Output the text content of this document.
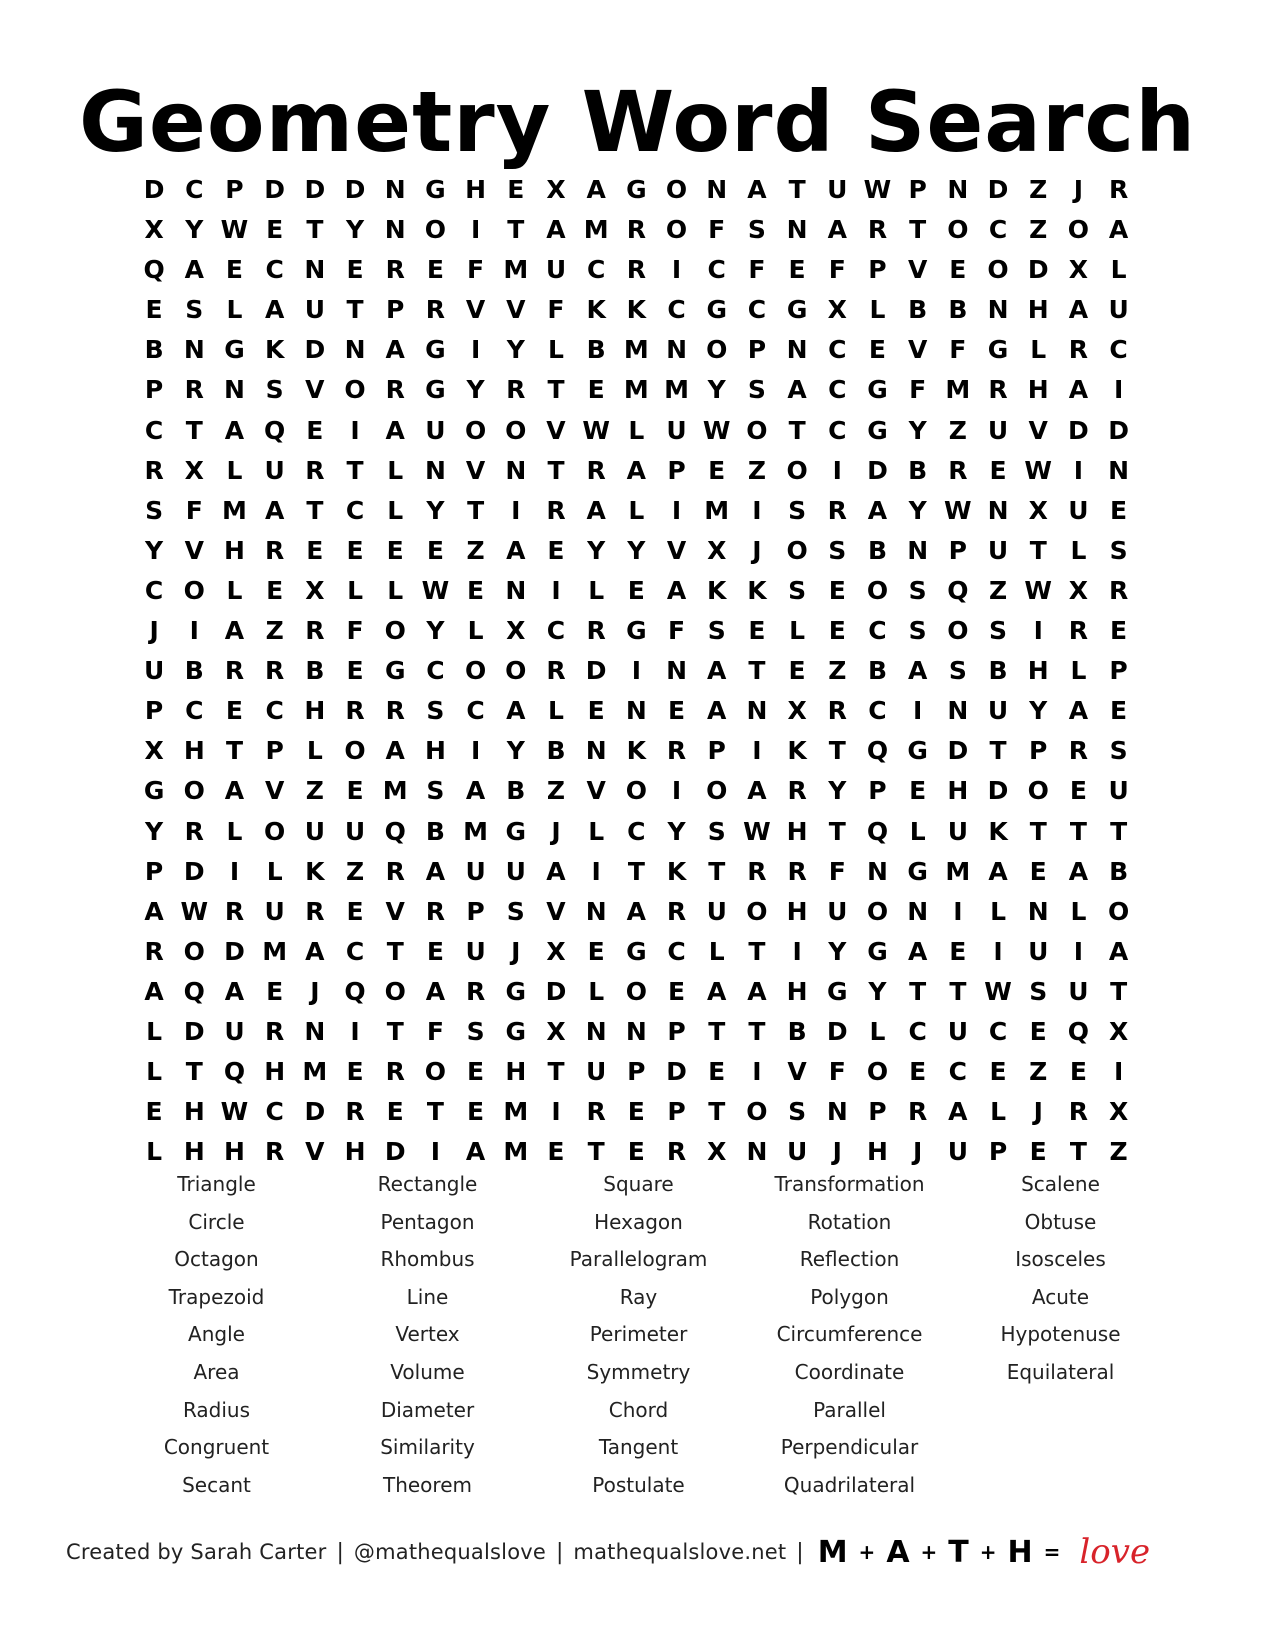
Geometry Word Search
D C P D D D N G H E X A G O N A T U W P N D Z	J	R
X Y W E T Y N O I	T A M R O F S N A R T O C Z O A
Q A E C N E R E F M U C R	I	C F E F P V E O D X L
E S L A U T P R V V F K K C G C G X L B B N H A U
B N G K D N A G	I	Y L B M N O P N C E V F G L R C
P R N S V O R G Y R T E M M Y S A C G F M R H A	I
C T A Q E	I	A U O O V W L U W O T C G Y Z U V D D
R X L U R T L N V N T R A P E Z O I	D B R E W I	N
S F M A T C L Y T	I	R A L	I M I	S R A Y W N X U E
Y V H R E E E E Z A E Y Y V X	J O S B N P U T L S
C O L E X L L W E N	I	L E A K K S E O S Q Z W X R
J	I	A Z R F O Y L X C R G F S E L E C S O S	I	R E
U B R R B E G C O O R D	I	N A T E Z B A S B H L P
P C E C H R R S C A L E N E A N X R C	I	N U Y A E
X H T P L O A H	I	Y B N K R P	I	K T Q G D T P R S
G O A V Z E M S A B Z V O I O A R Y P E H D O E U
Y R L O U U Q B M G	J	L C Y S W H T Q L U K T T T
P D	I	L K Z R A U U A	I	T K T R R F N G M A E A B
A W R U R E V R P S V N A R U O H U O N	I	L N L O
R O D M A C T E U	J	X E G C L T	I	Y G A E	I	U	I	A
A Q A E	J Q O A R G D L O E A A H G Y T T W S U T
L D U R N	I	T F S G X N N P T T B D L C U C E Q X
L T Q H M E R O E H T U P D E	I	V F O E C E Z E	I
E H W C D R E T E M I	R E P T O S N P R A L	J	R X
L H H R V H D	I	A M E T E R X N U	J	H	J	U P E T Z
Triangle
Circle
Octagon
Trapezoid
Angle
Area
Radius
Congruent
Secant
Rectangle
Pentagon
Rhombus
Line
Vertex
Volume
Diameter
Similarity
Theorem
Square
Hexagon
Parallelogram
Ray
Perimeter
Symmetry
Chord
Tangent
Postulate
Transformation
Rotation
Reflection
Polygon
Circumference
Coordinate
Parallel
Perpendicular
Quadrilateral
Scalene
Obtuse
Isosceles
Acute
Hypotenuse
Equilateral
Created by Sarah Carter | @mathequalslove | mathequalslove.net | M + A + T + H = love
